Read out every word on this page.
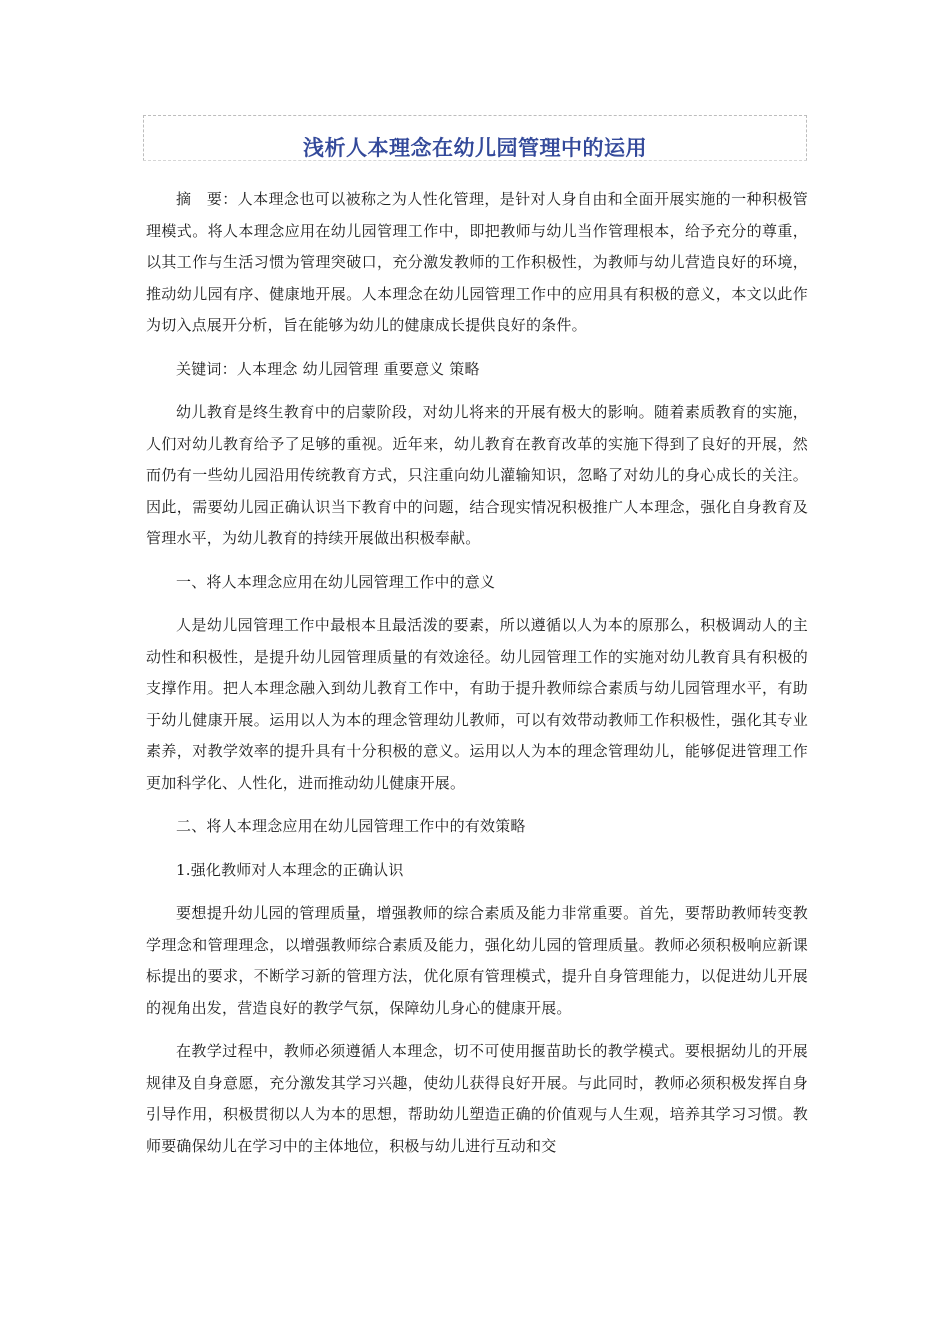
浅析人本理念在幼儿园管理中的运用

摘　要：人本理念也可以被称之为人性化管理，是针对人身自由和全面开展实施的一种积极管理模式。将人本理念应用在幼儿园管理工作中，即把教师与幼儿当作管理根本，给予充分的尊重，以其工作与生活习惯为管理突破口，充分激发教师的工作积极性，为教师与幼儿营造良好的环境，推动幼儿园有序、健康地开展。人本理念在幼儿园管理工作中的应用具有积极的意义，本文以此作为切入点展开分析，旨在能够为幼儿的健康成长提供良好的条件。

关键词：人本理念 幼儿园管理 重要意义 策略

幼儿教育是终生教育中的启蒙阶段，对幼儿将来的开展有极大的影响。随着素质教育的实施，人们对幼儿教育给予了足够的重视。近年来，幼儿教育在教育改革的实施下得到了良好的开展，然而仍有一些幼儿园沿用传统教育方式，只注重向幼儿灌输知识，忽略了对幼儿的身心成长的关注。因此，需要幼儿园正确认识当下教育中的问题，结合现实情况积极推广人本理念，强化自身教育及管理水平，为幼儿教育的持续开展做出积极奉献。

一、将人本理念应用在幼儿园管理工作中的意义

人是幼儿园管理工作中最根本且最活泼的要素，所以遵循以人为本的原那么，积极调动人的主动性和积极性，是提升幼儿园管理质量的有效途径。幼儿园管理工作的实施对幼儿教育具有积极的支撑作用。把人本理念融入到幼儿教育工作中，有助于提升教师综合素质与幼儿园管理水平，有助于幼儿健康开展。运用以人为本的理念管理幼儿教师，可以有效带动教师工作积极性，强化其专业素养，对教学效率的提升具有十分积极的意义。运用以人为本的理念管理幼儿，能够促进管理工作更加科学化、人性化，进而推动幼儿健康开展。

二、将人本理念应用在幼儿园管理工作中的有效策略

1.强化教师对人本理念的正确认识

要想提升幼儿园的管理质量，增强教师的综合素质及能力非常重要。首先，要帮助教师转变教学理念和管理理念，以增强教师综合素质及能力，强化幼儿园的管理质量。教师必须积极响应新课标提出的要求，不断学习新的管理方法，优化原有管理模式，提升自身管理能力，以促进幼儿开展的视角出发，营造良好的教学气氛，保障幼儿身心的健康开展。

在教学过程中，教师必须遵循人本理念，切不可使用揠苗助长的教学模式。要根据幼儿的开展规律及自身意愿，充分激发其学习兴趣，使幼儿获得良好开展。与此同时，教师必须积极发挥自身引导作用，积极贯彻以人为本的思想，帮助幼儿塑造正确的价值观与人生观，培养其学习习惯。教师要确保幼儿在学习中的主体地位，积极与幼儿进行互动和交
